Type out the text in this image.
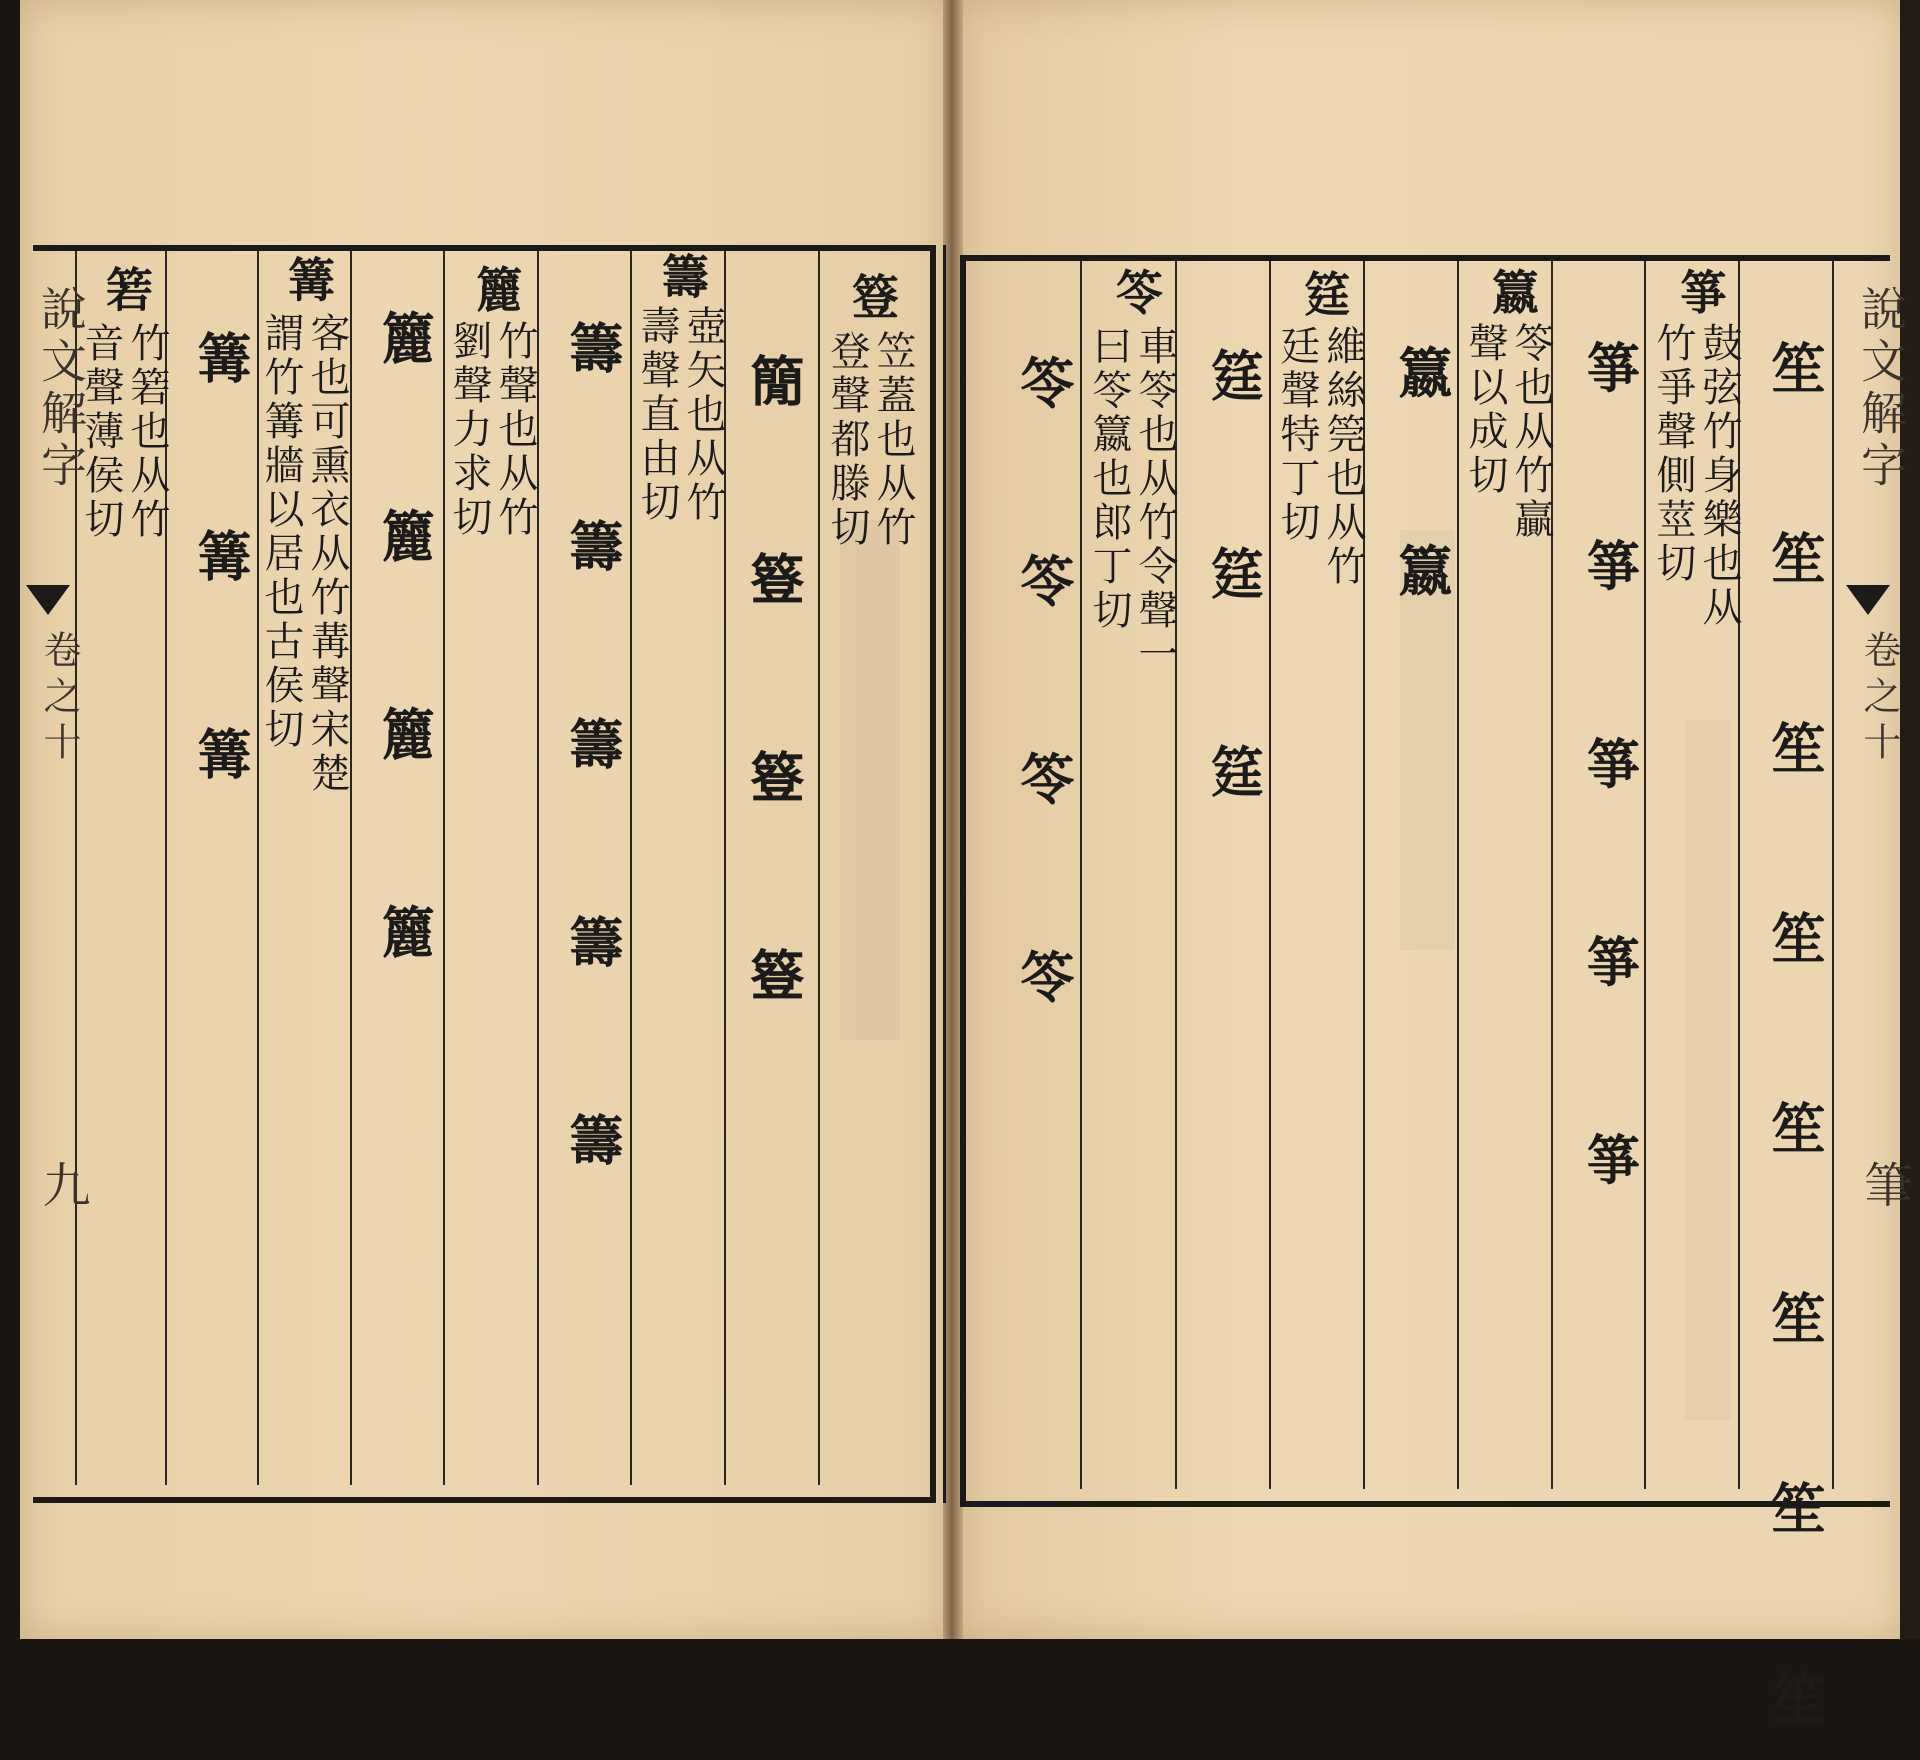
說文解字
卷之十
九
簦
笠蓋也从竹
登聲都滕切
𥳑 簦 簦 簦
籌
壺矢也从竹
壽聲直由切
籌 籌 籌 籌 籌
籭
竹聲也从竹
劉聲力求切
籭 籭 籭 籭
篝
客也可熏衣从竹冓聲宋楚
謂竹篝牆以居也古侯切
篝 篝 篝
箬
竹箬也从竹
音聲薄侯切	說文解字
卷之十
筆
笙 笙 笙 笙 笙 笙 笙 笙
箏
鼓弦竹身樂也从
竹爭聲側莖切
箏 箏 箏 箏 箏
籝
笭也从竹贏
聲以成切
籝 籝
筳
維絲筦也从竹
廷聲特丁切
筳 筳 筳
笭
車笭也从竹令聲一
曰笭籝也郎丁切
笭 笭 笭 笭
